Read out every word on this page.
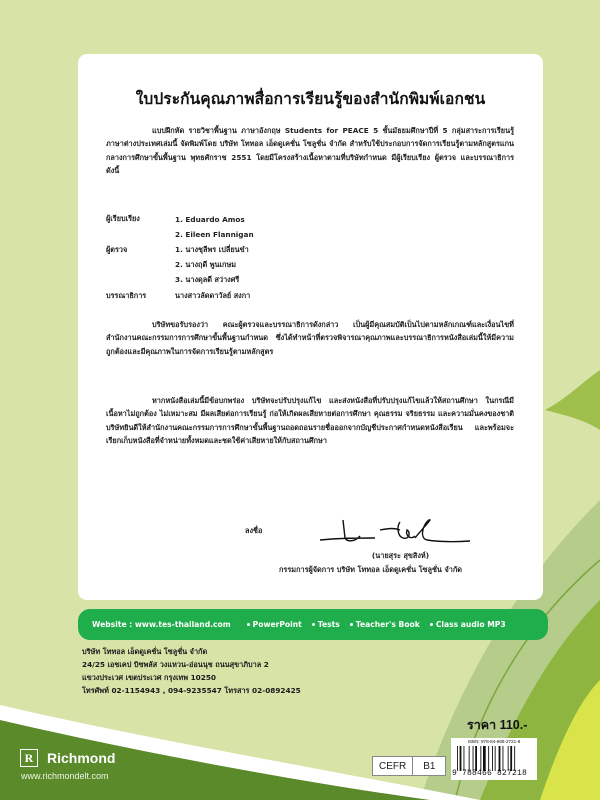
ใบประกันคุณภาพสื่อการเรียนรู้ของสำนักพิมพ์เอกชน
แบบฝึกหัด รายวิชาพื้นฐาน ภาษาอังกฤษ Students for PEACE 5 ชั้นมัธยมศึกษาปีที่ 5 กลุ่มสาระการเรียนรู้ภาษาต่างประเทศเล่มนี้ จัดพิมพ์โดย บริษัท โททอล เอ็ดดูเคชั่น โซลูชั่น จำกัด สำหรับใช้ประกอบการจัดการเรียนรู้ตามหลักสูตรแกนกลางการศึกษาขั้นพื้นฐาน พุทธศักราช 2551 โดยมีโครงสร้างเนื้อหาตามที่บริษัทกำหนด มีผู้เรียบเรียง ผู้ตรวจ และบรรณาธิการดังนี้
ผู้เรียบเรียง	1. Eduardo Amos
2. Eileen Flannigan
ผู้ตรวจ	1. นางชุลีพร เปลี่ยนขำ
2. นางฤดี พูนเกษม
3. นางดุลดี สว่างศรี
บรรณาธิการ	นางสาวลัดดาวัลย์ สงกา
บริษัทขอรับรองว่า คณะผู้ตรวจและบรรณาธิการดังกล่าว เป็นผู้มีคุณสมบัติเป็นไปตามหลักเกณฑ์และเงื่อนไขที่สำนักงานคณะกรรมการการศึกษาขั้นพื้นฐานกำหนด ซึ่งได้ทำหน้าที่ตรวจพิจารณาคุณภาพและบรรณาธิการหนังสือเล่มนี้ให้มีความถูกต้องและมีคุณภาพในการจัดการเรียนรู้ตามหลักสูตร
หากหนังสือเล่มนี้มีข้อบกพร่อง บริษัทจะปรับปรุงแก้ไข และส่งหนังสือที่ปรับปรุงแก้ไขแล้วให้สถานศึกษา ในกรณีมีเนื้อหาไม่ถูกต้อง ไม่เหมาะสม มีผลเสียต่อการเรียนรู้ ก่อให้เกิดผลเสียหายต่อการศึกษา คุณธรรม จริยธรรม และความมั่นคงของชาติ บริษัทยินดีให้สำนักงานคณะกรรมการการศึกษาขั้นพื้นฐานถอดถอนรายชื่อออกจากบัญชีประกาศกำหนดหนังสือเรียน และพร้อมจะเรียกเก็บหนังสือที่จำหน่ายทั้งหมดและชดใช้ค่าเสียหายให้กับสถานศึกษา
ลงชื่อ
(นายสุระ สุขสิงห์)
กรรมการผู้จัดการ บริษัท โททอล เอ็ดดูเคชั่น โซลูชั่น จำกัด
Website : www.tes-thailand.com	PowerPoint Tests Teacher's Book Class audio MP3
บริษัท โททอล เอ็ดดูเคชั่น โซลูชั่น จำกัด
24/25 เอชเคป บิซพลัส วงแหวน-อ่อนนุช ถนนสุขาภิบาล 2
แขวงประเวศ เขตประเวศ กรุงเทพ 10250
โทรศัพท์ 02-1154943 , 094-9235547 โทรสาร 02-0892425
R Richmond
www.richmondelt.com
ราคา 110.-
CEFR	B1
ISBN: 978-84-668-2721-8
9 788466 827218
